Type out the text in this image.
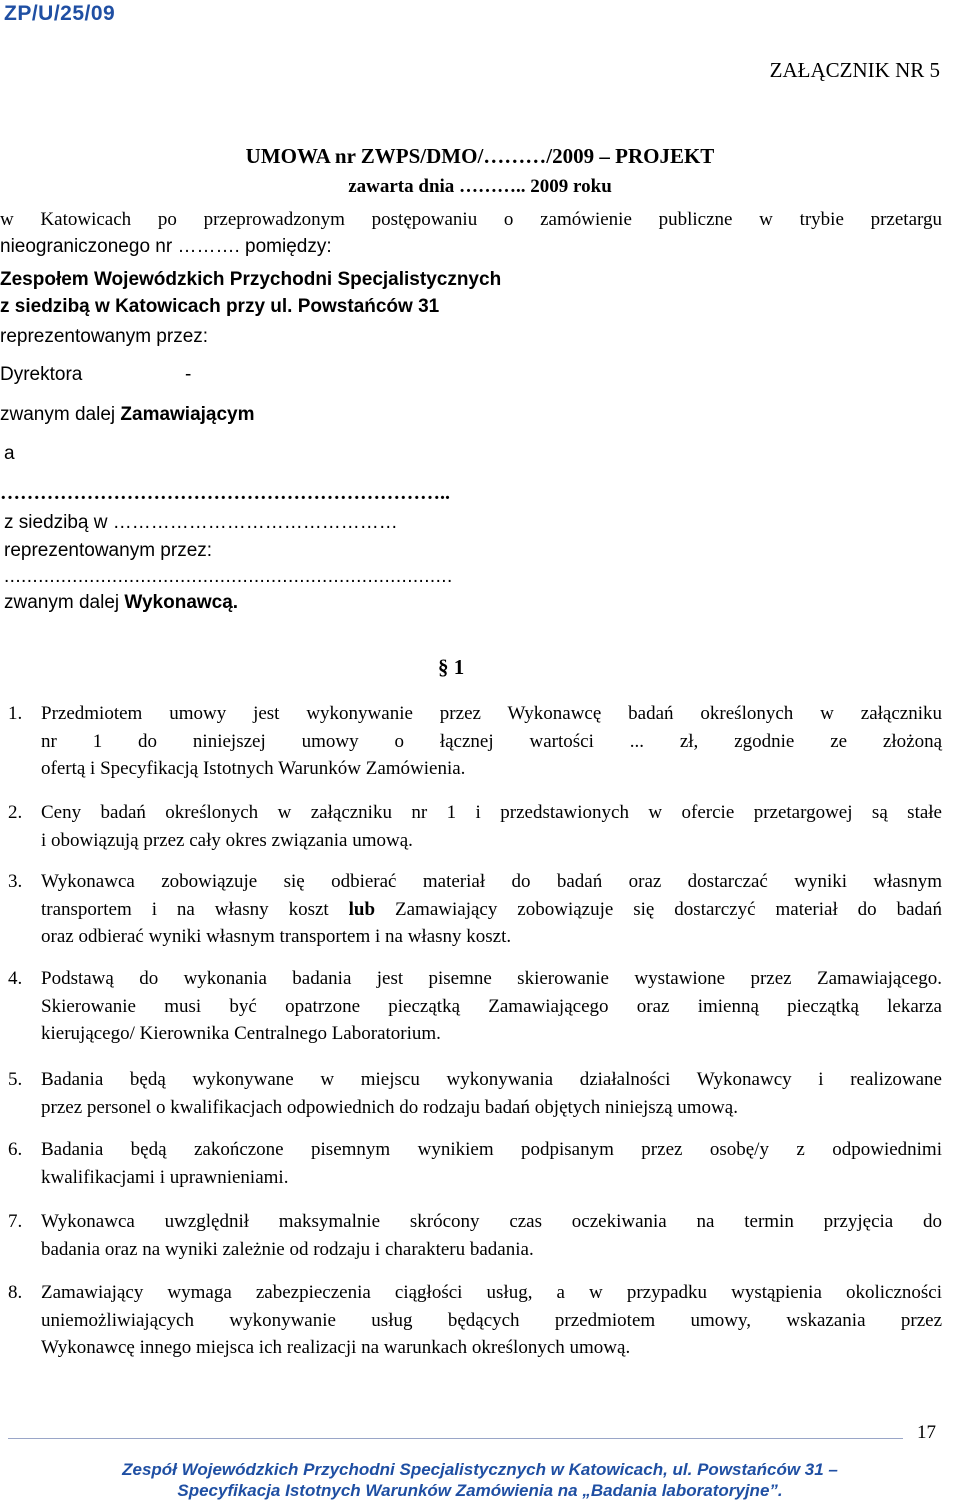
ZP/U/25/09
ZAŁĄCZNIK NR 5
UMOWA nr ZWPS/DMO/………/2009 – PROJEKT
zawarta dnia ……….. 2009 roku
w Katowicach po przeprowadzonym postępowaniu o zamówienie publiczne w trybie przetargu
nieograniczonego nr ………. pomiędzy:
Zespołem Wojewódzkich Przychodni Specjalistycznych
z siedzibą w Katowicach przy ul. Powstańców 31
reprezentowanym przez:
Dyrektora	-
zwanym dalej Zamawiającym
a
…………………………………………………………..
z siedzibą w ………………………………………
reprezentowanym przez:
...............................................................................
zwanym dalej Wykonawcą.
§ 1
1. Przedmiotem umowy jest wykonywanie przez Wykonawcę badań określonych w załączniku
nr 1 do niniejszej umowy o łącznej wartości ... zł, zgodnie ze złożoną
ofertą i Specyfikacją Istotnych Warunków Zamówienia.
2. Ceny badań określonych w załączniku nr 1 i przedstawionych w ofercie przetargowej są stałe
i obowiązują przez cały okres związania umową.
3. Wykonawca zobowiązuje się odbierać materiał do badań oraz dostarczać wyniki własnym
transportem i na własny koszt lub Zamawiający zobowiązuje się dostarczyć materiał do badań
oraz odbierać wyniki własnym transportem i na własny koszt.
4. Podstawą do wykonania badania jest pisemne skierowanie wystawione przez Zamawiającego.
Skierowanie musi być opatrzone pieczątką Zamawiającego oraz imienną pieczątką lekarza
kierującego/ Kierownika Centralnego Laboratorium.
5. Badania będą wykonywane w miejscu wykonywania działalności Wykonawcy i realizowane
przez personel o kwalifikacjach odpowiednich do rodzaju badań objętych niniejszą umową.
6. Badania będą zakończone pisemnym wynikiem podpisanym przez osobę/y z odpowiednimi
kwalifikacjami i uprawnieniami.
7. Wykonawca uwzględnił maksymalnie skrócony czas oczekiwania na termin przyjęcia do
badania oraz na wyniki zależnie od rodzaju i charakteru badania.
8. Zamawiający wymaga zabezpieczenia ciągłości usług, a w przypadku wystąpienia okoliczności
uniemożliwiających wykonywanie usług będących przedmiotem umowy, wskazania przez
Wykonawcę innego miejsca ich realizacji na warunkach określonych umową.
17
Zespół Wojewódzkich Przychodni Specjalistycznych w Katowicach, ul. Powstańców 31 –
Specyfikacja Istotnych Warunków Zamówienia na „Badania laboratoryjne”.
